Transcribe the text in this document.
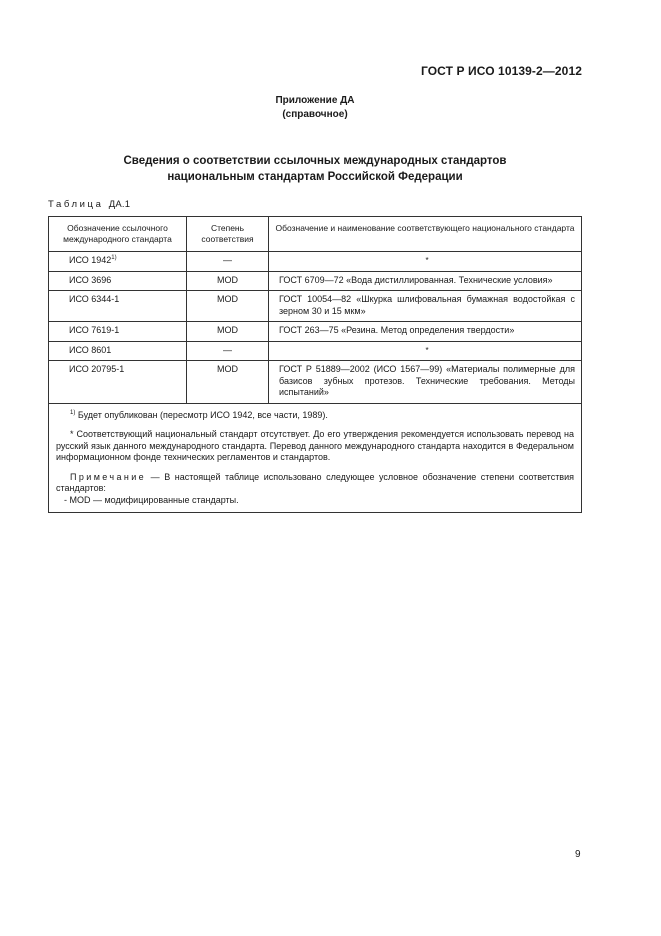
ГОСТ Р ИСО 10139-2—2012
Приложение ДА
(справочное)
Сведения о соответствии ссылочных международных стандартов
национальным стандартам Российской Федерации
Таблица ДА.1
Обозначение ссылочного международного стандарта	Степень соответствия	Обозначение и наименование соответствующего национального стандарта
ИСО 1942$^{1)}$	—	*
ИСО 3696	MOD	ГОСТ 6709—72 «Вода дистиллированная. Технические условия»
ИСО 6344-1	MOD	ГОСТ 10054—82 «Шкурка шлифовальная бумажная водостойкая с зерном 30 и 15 мкм»
ИСО 7619-1	MOD	ГОСТ 263—75 «Резина. Метод определения твердости»
ИСО 8601	—	*
ИСО 20795-1	MOD	ГОСТ Р 51889—2002 (ИСО 1567—99) «Материалы полимерные для базисов зубных протезов. Технические требования. Методы испытаний»

$^{1)}$ Будет опубликован (пересмотр ИСО 1942, все части, 1989).

* Соответствующий национальный стандарт отсутствует. До его утверждения рекомендуется использовать перевод на русский язык данного международного стандарта. Перевод данного международного стандарта находится в Федеральном информационном фонде технических регламентов и стандартов.

Примечание — В настоящей таблице использовано следующее условное обозначение степени соответствия стандартов:
- MOD — модифицированные стандарты.		

9
